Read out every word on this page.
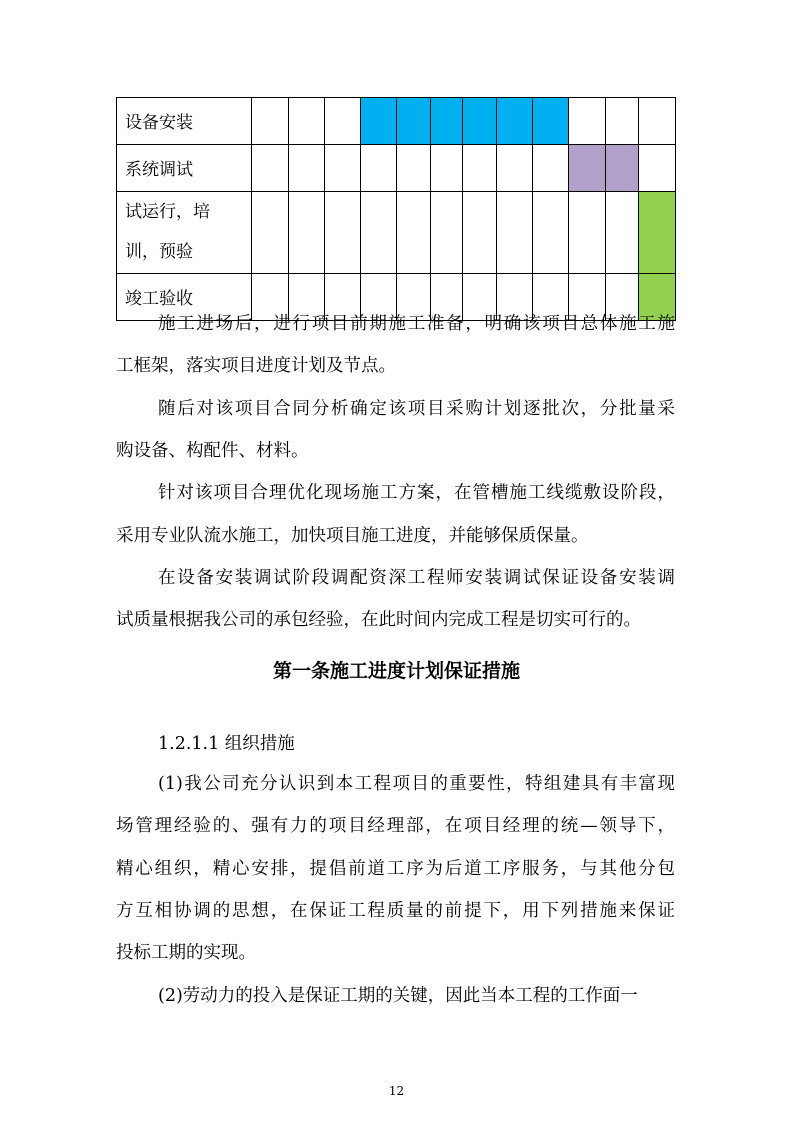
设备安装												
系统调试												

试运行，培
训，预验												

竣工验收												
施工进场后，进行项目前期施工准备，明确该项目总体施工施
工框架，落实项目进度计划及节点。
随后对该项目合同分析确定该项目采购计划逐批次，分批量采
购设备、构配件、材料。
针对该项目合理优化现场施工方案，在管槽施工线缆敷设阶段，
采用专业队流水施工，加快项目施工进度，并能够保质保量。
在设备安装调试阶段调配资深工程师安装调试保证设备安装调
试质量根据我公司的承包经验，在此时间内完成工程是切实可行的。
第一条施工进度计划保证措施
1.2.1.1 组织措施
(1)我公司充分认识到本工程项目的重要性，特组建具有丰富现
场管理经验的、强有力的项目经理部，在项目经理的统—领导下，
精心组织，精心安排，提倡前道工序为后道工序服务，与其他分包
方互相协调的思想，在保证工程质量的前提下，用下列措施来保证
投标工期的实现。
(2)劳动力的投入是保证工期的关键，因此当本工程的工作面一
12
